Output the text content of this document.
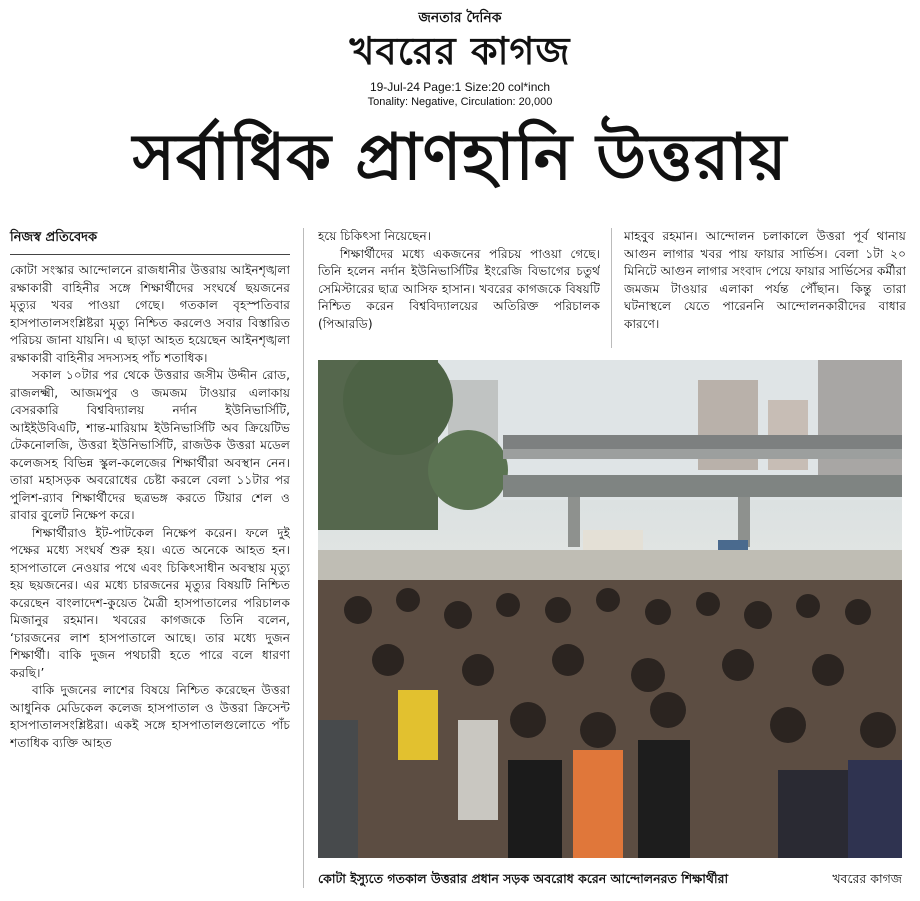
জনতার দৈনিক
খবরের কাগজ
19-Jul-24 Page:1 Size:20 col*inch
Tonality: Negative, Circulation: 20,000
সর্বাধিক প্রাণহানি উত্তরায়
নিজস্ব প্রতিবেদক

কোটা সংস্কার আন্দোলনে রাজধানীর উত্তরায় আইনশৃঙ্খলা রক্ষাকারী বাহিনীর সঙ্গে শিক্ষার্থীদের সংঘর্ষে ছয়জনের মৃত্যুর খবর পাওয়া গেছে। গতকাল বৃহস্পতিবার হাসপাতালসংশ্লিষ্টরা মৃত্যু নিশ্চিত করলেও সবার বিস্তারিত পরিচয় জানা যায়নি। এ ছাড়া আহত হয়েছেন আইনশৃঙ্খলা রক্ষাকারী বাহিনীর সদস্যসহ পাঁচ শতাধিক।

সকাল ১০টার পর থেকে উত্তরার জসীম উদ্দীন রোড, রাজলক্ষ্মী, আজমপুর ও জমজম টাওয়ার এলাকায় বেসরকারি বিশ্ববিদ্যালয় নর্দান ইউনিভার্সিটি, আইইউবিএটি, শান্ত-মারিয়াম ইউনিভার্সিটি অব ক্রিয়েটিভ টেকনোলজি, উত্তরা ইউনিভার্সিটি, রাজউক উত্তরা মডেল কলেজসহ বিভিন্ন স্কুল-কলেজের শিক্ষার্থীরা অবস্থান নেন। তারা মহাসড়ক অবরোধের চেষ্টা করলে বেলা ১১টার পর পুলিশ-র‍্যাব শিক্ষার্থীদের ছত্রভঙ্গ করতে টিয়ার শেল ও রাবার বুলেট নিক্ষেপ করে।

শিক্ষার্থীরাও ইট-পাটকেল নিক্ষেপ করেন। ফলে দুই পক্ষের মধ্যে সংঘর্ষ শুরু হয়। এতে অনেকে আহত হন। হাসপাতালে নেওয়ার পথে এবং চিকিৎসাধীন অবস্থায় মৃত্যু হয় ছয়জনের। এর মধ্যে চারজনের মৃত্যুর বিষয়টি নিশ্চিত করেছেন বাংলাদেশ-কুয়েত মৈত্রী হাসপাতালের পরিচালক মিজানুর রহমান। খবরের কাগজকে তিনি বলেন, ‘চারজনের লাশ হাসপাতালে আছে। তার মধ্যে দুজন শিক্ষার্থী। বাকি দুজন পথচারী হতে পারে বলে ধারণা করছি।’

বাকি দুজনের লাশের বিষয়ে নিশ্চিত করেছেন উত্তরা আধুনিক মেডিকেল কলেজ হাসপাতাল ও উত্তরা ক্রিসেন্ট হাসপাতালসংশ্লিষ্টরা। একই সঙ্গে হাসপাতালগুলোতে পাঁচ শতাধিক ব্যক্তি আহত

হয়ে চিকিৎসা নিয়েছেন।

শিক্ষার্থীদের মধ্যে একজনের পরিচয় পাওয়া গেছে। তিনি হলেন নর্দান ইউনিভার্সিটির ইংরেজি বিভাগের চতুর্থ সেমিস্টারের ছাত্র আসিফ হাসান। খবরের কাগজকে বিষয়টি নিশ্চিত করেন বিশ্ববিদ্যালয়ের অতিরিক্ত পরিচালক (পিআরডি)

মাহবুব রহমান। আন্দোলন চলাকালে উত্তরা পূর্ব থানায় আগুন লাগার খবর পায় ফায়ার সার্ভিস। বেলা ১টা ২০ মিনিটে আগুন লাগার সংবাদ পেয়ে ফায়ার সার্ভিসের কর্মীরা জমজম টাওয়ার এলাকা পর্যন্ত পৌঁছান। কিন্তু তারা ঘটনাস্থলে যেতে পারেননি আন্দোলনকারীদের বাধার কারণে।

কোটা ইস্যুতে গতকাল উত্তরার প্রধান সড়ক অবরোধ করেন আন্দোলনরত শিক্ষার্থীরা	খবরের কাগজ
